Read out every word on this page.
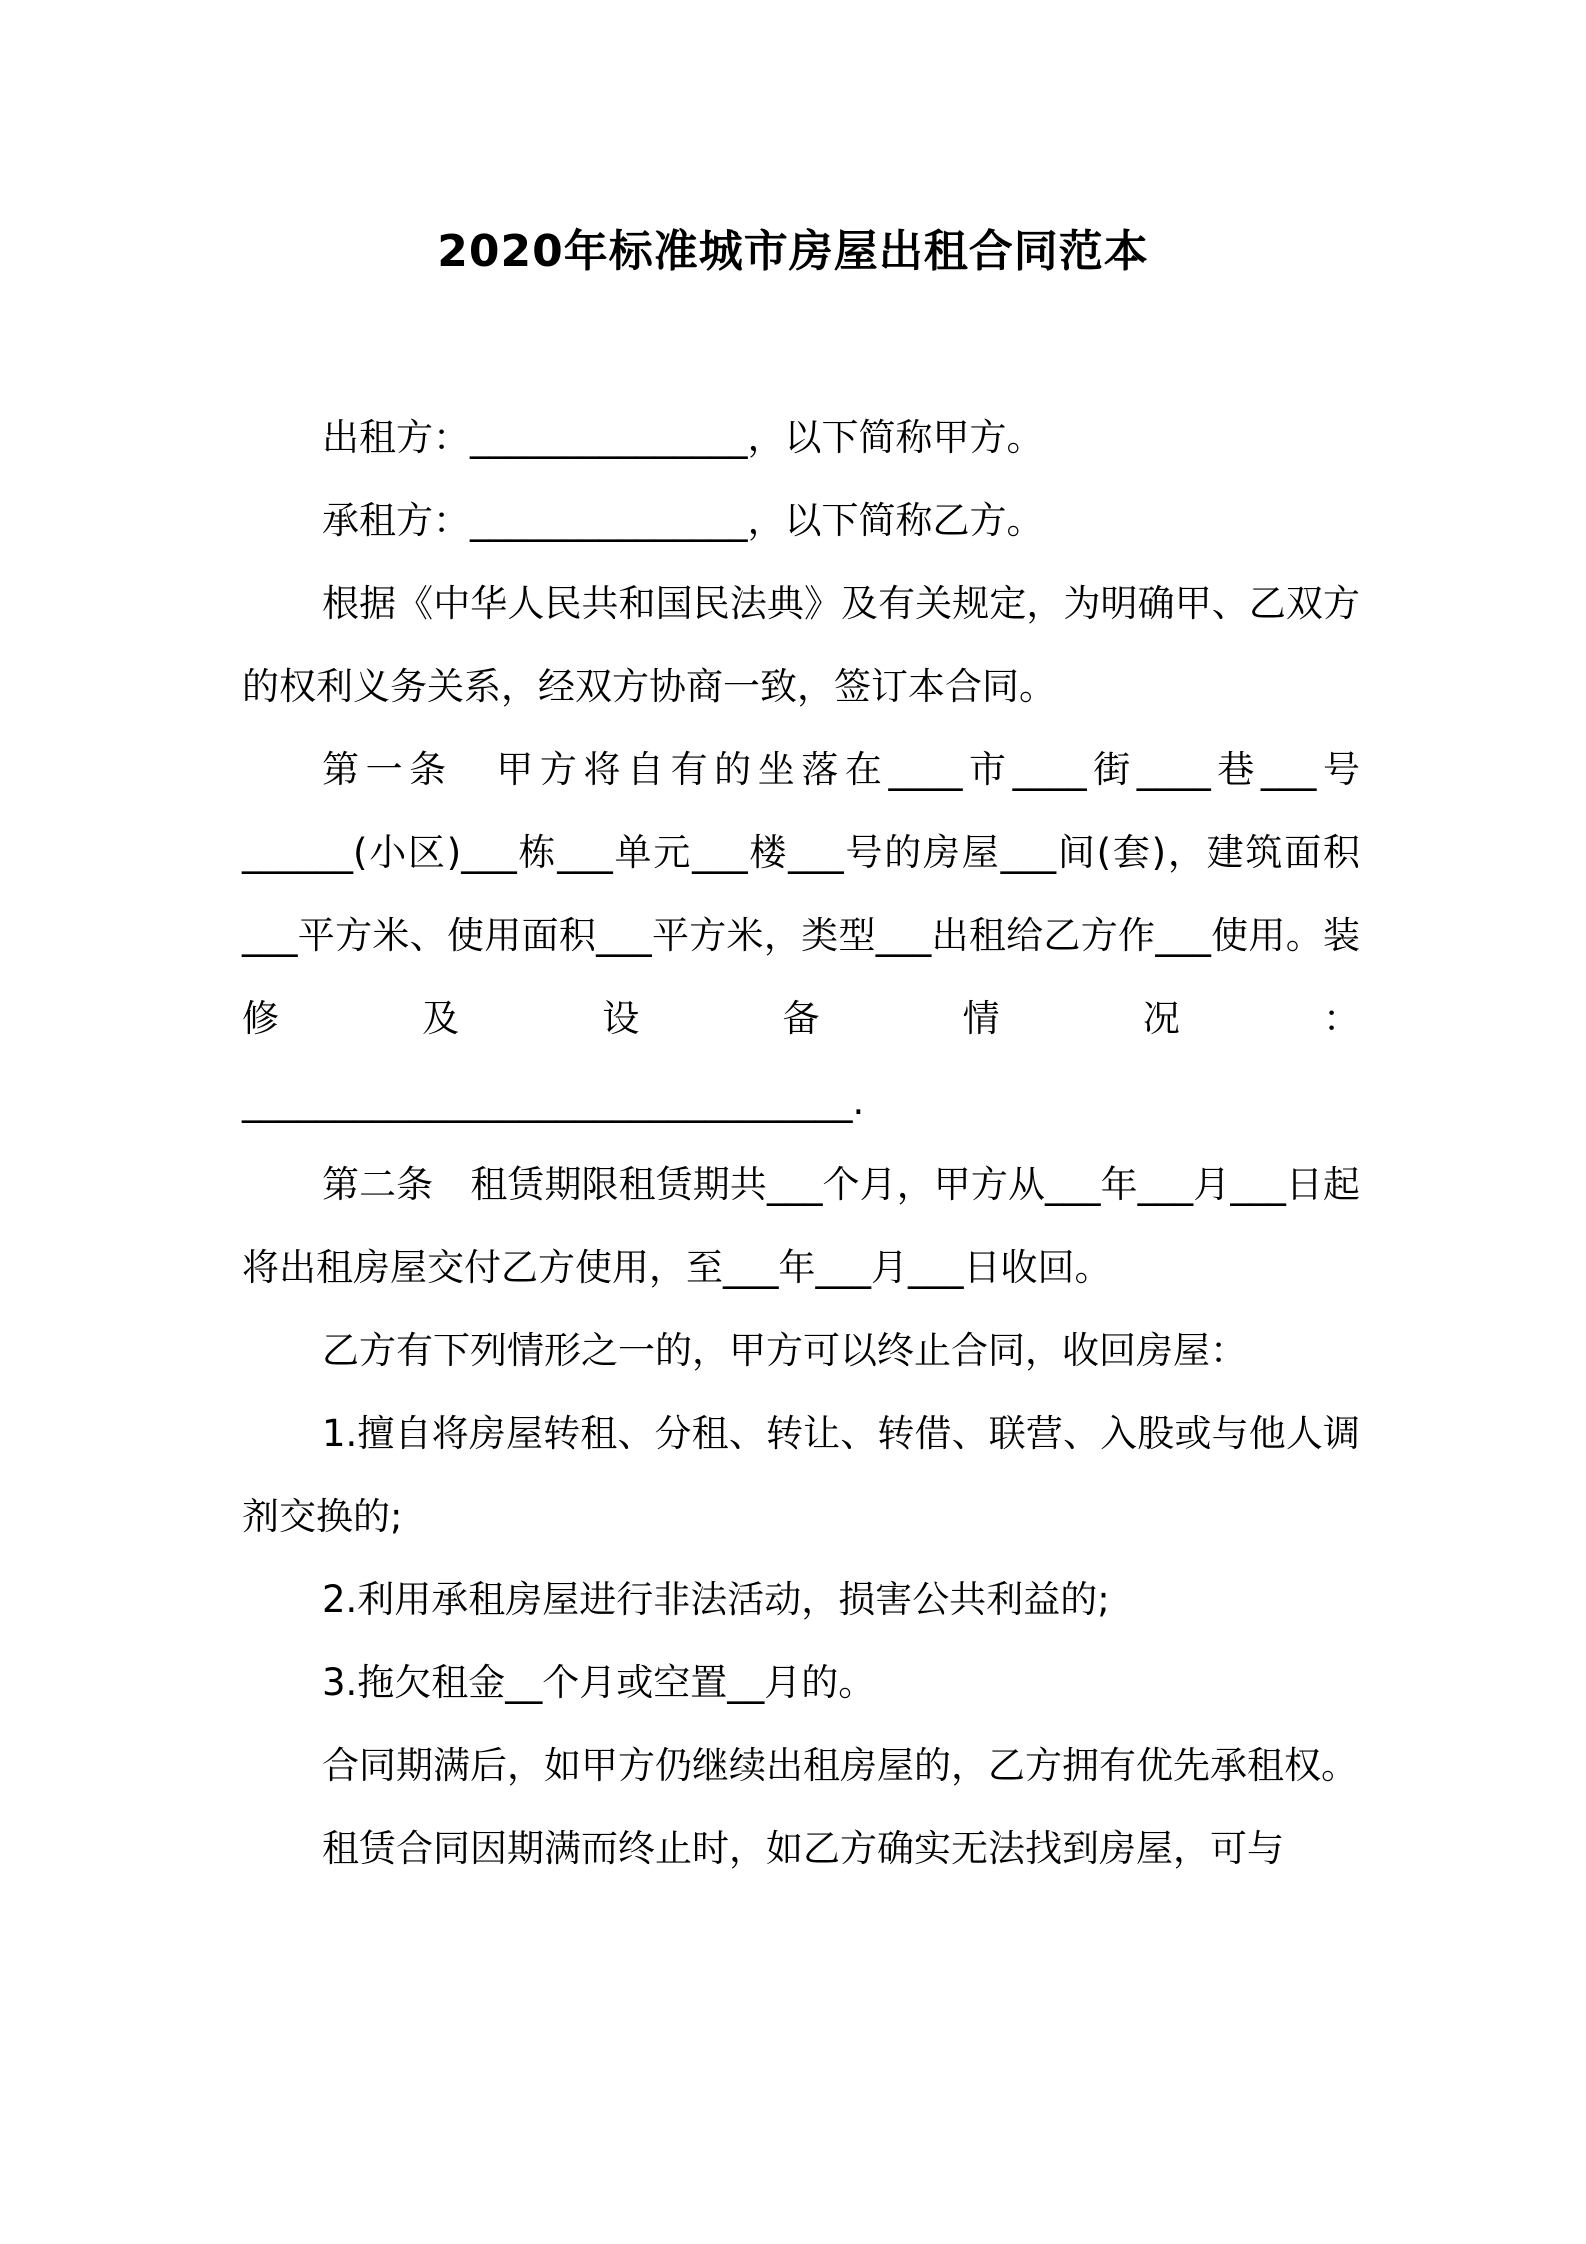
2020年标准城市房屋出租合同范本

出租方：_______________，以下简称甲方。

承租方：_______________，以下简称乙方。

根据《中华人民共和国民法典》及有关规定，为明确甲、乙双方的权利义务关系，经双方协商一致，签订本合同。

第一条　甲方将自有的坐落在____市____街____巷___号______(小区)___栋___单元___楼___号的房屋___间(套)，建筑面积___平方米、使用面积___平方米，类型___出租给乙方作___使用。装修及设备情况：

_________________________________.

第二条　租赁期限租赁期共___个月，甲方从___年___月___日起将出租房屋交付乙方使用，至___年___月___日收回。

乙方有下列情形之一的，甲方可以终止合同，收回房屋：

1.擅自将房屋转租、分租、转让、转借、联营、入股或与他人调剂交换的;

2.利用承租房屋进行非法活动，损害公共利益的;

3.拖欠租金__个月或空置__月的。

合同期满后，如甲方仍继续出租房屋的，乙方拥有优先承租权。

租赁合同因期满而终止时，如乙方确实无法找到房屋，可与
